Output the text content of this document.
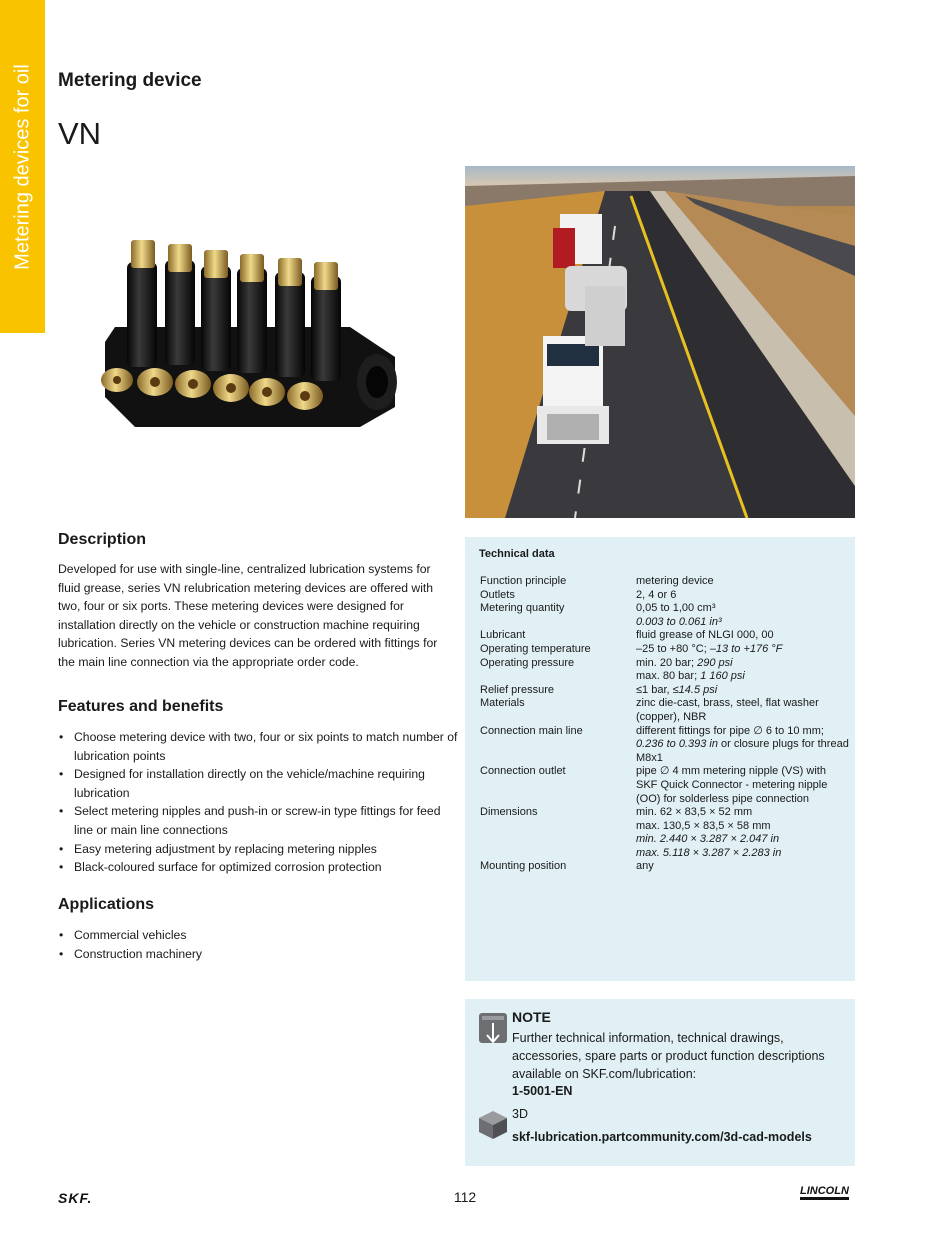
Metering devices for oil Metering device
VN
Description
Developed for use with single-line, centralized lubrication systems for fluid grease, series VN relubrication metering devices are offered with two, four or six ports. These metering devices were designed for installation directly on the vehicle or construction machine requiring lubrication. Series VN metering devices can be ordered with fittings for the main line connection via the appropriate order code.
Features and benefits
• Choose metering device with two, four or six points to match number of lubrication points
• Designed for installation directly on the vehicle/machine requiring lubrication
• Select metering nipples and push-in or screw-in type fittings for feed line or main line connections
• Easy metering adjustment by replacing metering nipples
• Black-coloured surface for optimized corrosion protection
Applications
• Commercial vehicles
• Construction machinery
Technical data
Function principle	metering device
Outlets	2, 4 or 6
Metering quantity	0,05 to 1,00 cm³
0.003 to 0.061 in³
Lubricant	fluid grease of NLGI 000, 00
Operating temperature	–25 to +80 °C; –13 to +176 °F
Operating pressure	min. 20 bar; 290 psi
max. 80 bar; 1 160 psi
Relief pressure	≤1 bar, ≤14.5 psi
Materials	zinc die-cast, brass, steel, flat washer (copper), NBR
Connection main line	different fittings for pipe ∅ 6 to 10 mm;
0.236 to 0.393 in or closure plugs for thread M8x1
Connection outlet	pipe ∅ 4 mm metering nipple (VS) with SKF Quick Connector - metering nipple (OO) for solderless pipe connection
Dimensions	min. 62 × 83,5 × 52 mm
max. 130,5 × 83,5 × 58 mm
min. 2.440 × 3.287 × 2.047 in
max. 5.118 × 3.287 × 2.283 in
Mounting position	any
NOTE
Further technical information, technical drawings, accessories, spare parts or product function descriptions available on SKF.com/lubrication:
1-5001-EN
3D
skf-lubrication.partcommunity.com/3d-cad-models
SKF.	112	LINCOLN
